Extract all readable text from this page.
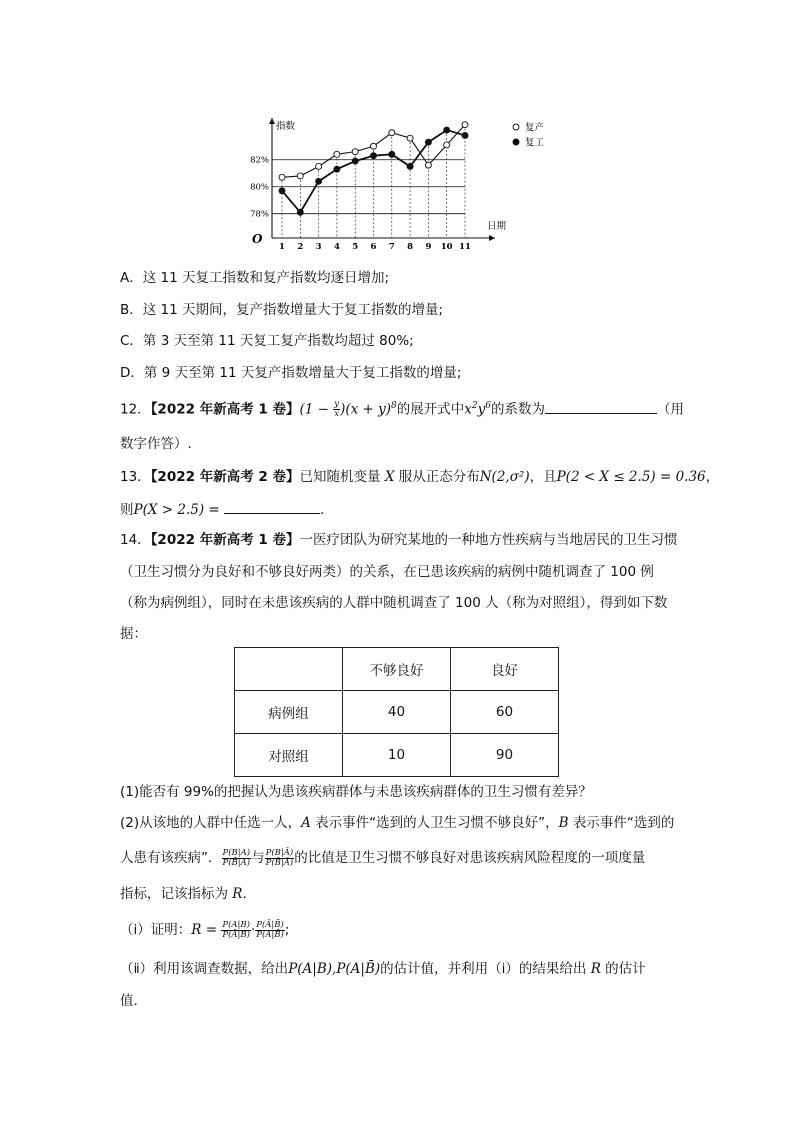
指数
日期
O
78%
80%
82%
1 2 3 4 5 6 7 8 9 10 11
复产
复工
A．这 11 天复工指数和复产指数均逐日增加;
B．这 11 天期间，复产指数增量大于复工指数的增量;
C．第 3 天至第 11 天复工复产指数均超过 80%;
D．第 9 天至第 11 天复产指数增量大于复工指数的增量;
12．【2022 年新高考 1 卷】$(1 - \frac{y}{x} )(x + y)^8$的展开式中$x^2y^6$的系数为	（用
数字作答）.
13．【2022 年新高考 2 卷】已知随机变量 X 服从正态分布N(2,σ²)，且P(2 < X ≤ 2.5) = 0.36，
则P(X > 2.5) =	.
14．【2022 年新高考 1 卷】一医疗团队为研究某地的一种地方性疾病与当地居民的卫生习惯
（卫生习惯分为良好和不够良好两类）的关系，在已患该疾病的病例中随机调查了 100 例
（称为病例组），同时在未患该疾病的人群中随机调查了 100 人（称为对照组），得到如下数
据：
	不够良好	良好
病例组	40	60
对照组	10	90
(1)能否有 99%的把握认为患该疾病群体与未患该疾病群体的卫生习惯有差异？
(2)从该地的人群中任选一人，A 表示事件“选到的人卫生习惯不够良好”，B 表示事件“选到的
人患有该疾病”． $\frac{P(B|A)}{P(B̄|A)}$ 与 $\frac{P(B|Ā)}{P(B̄|Ā)}$ 的比值是卫生习惯不够良好对患该疾病风险程度的一项度量
指标，记该指标为 R.
（ⅰ）证明：$R = \frac{P(A|B)}{P(Ā|B)} \cdot \frac{P(Ā|B̄)}{P(A|B̄)}$ ;
（ⅱ）利用该调查数据，给出P(A|B),P(A|B̄)的估计值，并利用（ⅰ）的结果给出 R 的估计
值.
